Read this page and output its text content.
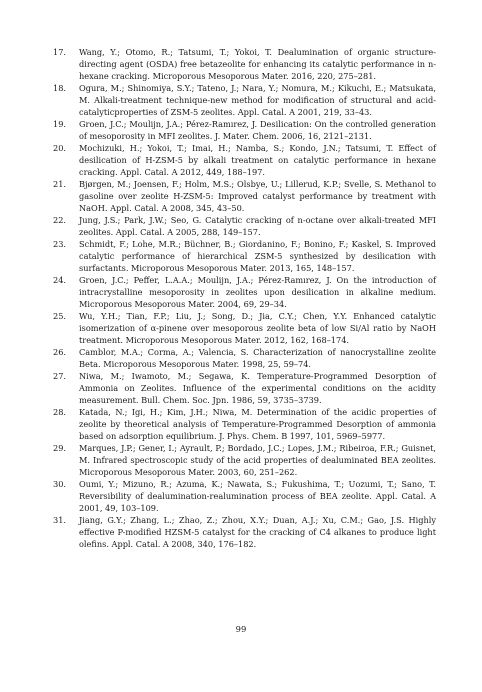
17.	Wang, Y.; Otomo, R.; Tatsumi, T.; Yokoi, T. Dealumination of organic structure-directing agent (OSDA) free betazeolite for enhancing its catalytic performance in n-hexane cracking. Microporous Mesoporous Mater. 2016, 220, 275–281.
18.	Ogura, M.; Shinomiya, S.Y.; Tateno, J.; Nara, Y.; Nomura, M.; Kikuchi, E.; Matsukata, M. Alkali-treatment technique-new method for modification of structural and acid-catalyticproperties of ZSM-5 zeolites. Appl. Catal. A 2001, 219, 33–43.
19.	Groen, J.C.; Moulijn, J.A.; Pérez-Ramırez, J. Desilication: On the controlled generation of mesoporosity in MFI zeolites. J. Mater. Chem. 2006, 16, 2121–2131.
20.	Mochizuki, H.; Yokoi, T.; Imai, H.; Namba, S.; Kondo, J.N.; Tatsumi, T. Effect of desilication of H-ZSM-5 by alkali treatment on catalytic performance in hexane cracking. Appl. Catal. A 2012, 449, 188–197.
21.	Bjørgen, M.; Joensen, F.; Holm, M.S.; Olsbye, U.; Lillerud, K.P.; Svelle, S. Methanol to gasoline over zeolite H-ZSM-5: Improved catalyst performance by treatment with NaOH. Appl. Catal. A 2008, 345, 43–50.
22.	Jung, J.S.; Park, J.W.; Seo, G. Catalytic cracking of n-octane over alkali-treated MFI zeolites. Appl. Catal. A 2005, 288, 149–157.
23.	Schmidt, F.; Lohe, M.R.; Büchner, B.; Giordanino, F.; Bonino, F.; Kaskel, S. Improved catalytic performance of hierarchical ZSM-5 synthesized by desilication with surfactants. Microporous Mesoporous Mater. 2013, 165, 148–157.
24.	Groen, J.C.; Peffer, L.A.A.; Moulijn, J.A.; Pérez-Ramırez, J. On the introduction of intracrystalline mesoporosity in zeolites upon desilication in alkaline medium. Microporous Mesoporous Mater. 2004, 69, 29–34.
25.	Wu, Y.H.; Tian, F.P.; Liu, J.; Song, D.; Jia, C.Y.; Chen, Y.Y. Enhanced catalytic isomerization of α-pinene over mesoporous zeolite beta of low Si/Al ratio by NaOH treatment. Microporous Mesoporous Mater. 2012, 162, 168–174.
26.	Camblor, M.A.; Corma, A.; Valencia, S. Characterization of nanocrystalline zeolite Beta. Microporous Mesoporous Mater. 1998, 25, 59–74.
27.	Niwa, M.; Iwamoto, M.; Segawa, K. Temperature-Programmed Desorption of Ammonia on Zeolites. Influence of the experimental conditions on the acidity measurement. Bull. Chem. Soc. Jpn. 1986, 59, 3735–3739.
28.	Katada, N.; Igi, H.; Kim, J.H.; Niwa, M. Determination of the acidic properties of zeolite by theoretical analysis of Temperature-Programmed Desorption of ammonia based on adsorption equilibrium. J. Phys. Chem. B 1997, 101, 5969–5977.
29.	Marques, J.P.; Gener, I.; Ayrault, P.; Bordado, J.C.; Lopes, J.M.; Ribeiroa, F.R.; Guisnet, M. Infrared spectroscopic study of the acid properties of dealuminated BEA zeolites. Microporous Mesoporous Mater. 2003, 60, 251–262.
30.	Oumi, Y.; Mizuno, R.; Azuma, K.; Nawata, S.; Fukushima, T.; Uozumi, T.; Sano, T. Reversibility of dealumination-realumination process of BEA zeolite. Appl. Catal. A 2001, 49, 103–109.
31.	Jiang, G.Y.; Zhang, L.; Zhao, Z.; Zhou, X.Y.; Duan, A.J.; Xu, C.M.; Gao, J.S. Highly effective P-modified HZSM-5 catalyst for the cracking of C4 alkanes to produce light olefins. Appl. Catal. A 2008, 340, 176–182.
99
